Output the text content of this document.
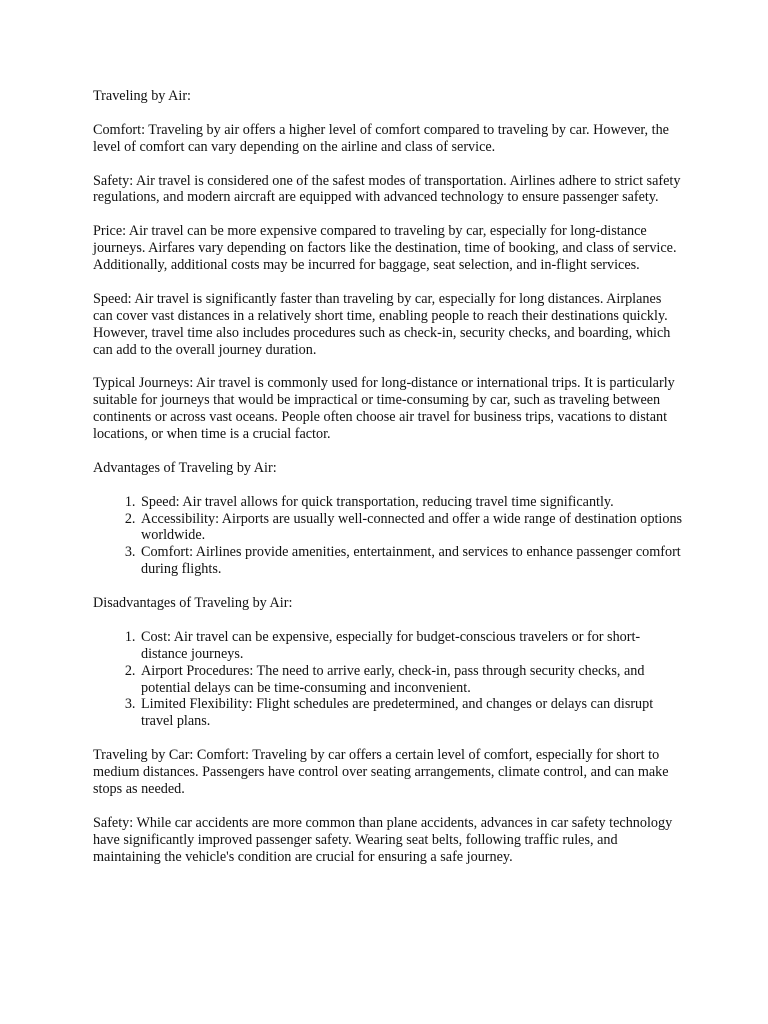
Traveling by Air:

Comfort: Traveling by air offers a higher level of comfort compared to traveling by car. However, the level of comfort can vary depending on the airline and class of service.

Safety: Air travel is considered one of the safest modes of transportation. Airlines adhere to strict safety regulations, and modern aircraft are equipped with advanced technology to ensure passenger safety.

Price: Air travel can be more expensive compared to traveling by car, especially for long-distance journeys. Airfares vary depending on factors like the destination, time of booking, and class of service. Additionally, additional costs may be incurred for baggage, seat selection, and in-flight services.

Speed: Air travel is significantly faster than traveling by car, especially for long distances. Airplanes can cover vast distances in a relatively short time, enabling people to reach their destinations quickly. However, travel time also includes procedures such as check-in, security checks, and boarding, which can add to the overall journey duration.

Typical Journeys: Air travel is commonly used for long-distance or international trips. It is particularly suitable for journeys that would be impractical or time-consuming by car, such as traveling between continents or across vast oceans. People often choose air travel for business trips, vacations to distant locations, or when time is a crucial factor.

Advantages of Traveling by Air:

1. Speed: Air travel allows for quick transportation, reducing travel time significantly.
2. Accessibility: Airports are usually well-connected and offer a wide range of destination options worldwide.
3. Comfort: Airlines provide amenities, entertainment, and services to enhance passenger comfort during flights.

Disadvantages of Traveling by Air:

1. Cost: Air travel can be expensive, especially for budget-conscious travelers or for short-distance journeys.
2. Airport Procedures: The need to arrive early, check-in, pass through security checks, and potential delays can be time-consuming and inconvenient.
3. Limited Flexibility: Flight schedules are predetermined, and changes or delays can disrupt travel plans.

Traveling by Car: Comfort: Traveling by car offers a certain level of comfort, especially for short to medium distances. Passengers have control over seating arrangements, climate control, and can make stops as needed.

Safety: While car accidents are more common than plane accidents, advances in car safety technology have significantly improved passenger safety. Wearing seat belts, following traffic rules, and maintaining the vehicle's condition are crucial for ensuring a safe journey.
